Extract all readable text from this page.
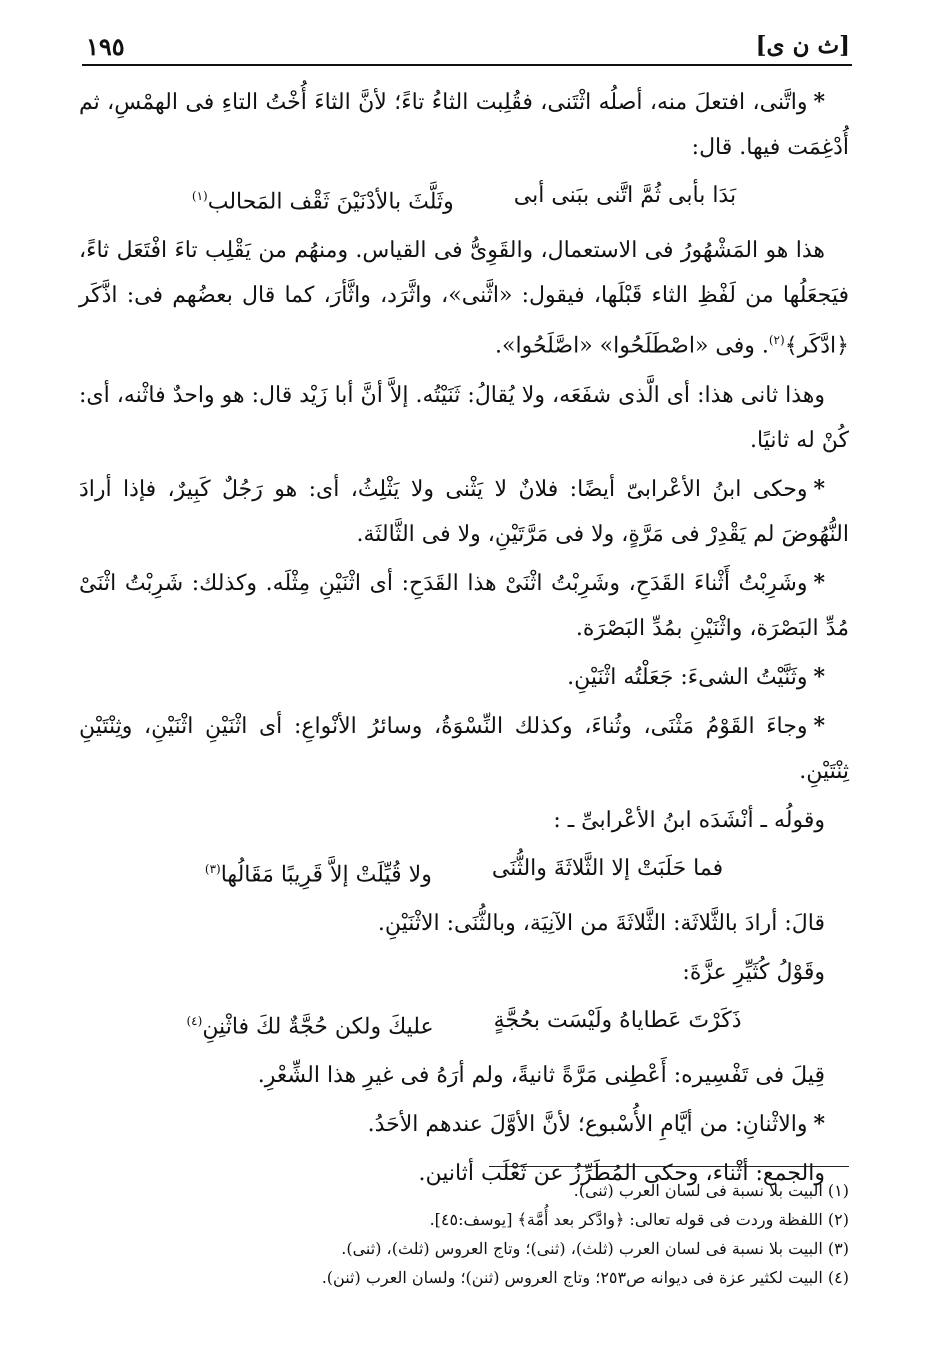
١٩٥	[ث ن ى]

*واتَّنى، افتعلَ منه، أصلُه اثْتَنى، فقُلِبت الثاءُ تاءً؛ لأنَّ الثاءَ أُخْتُ التاءِ فى الهمْسِ، ثم أُدْغِمَت فيها. قال:

بَدَا بأبى ثُمَّ اتَّنى ببَنى أبى
وثَلَّثَ بالأدْنَيْنَ ثَقْف المَحالب$^{(١)}$

هذا هو المَشْهُورُ فى الاستعمال، والقَوِىُّ فى القياس. ومنهُم من يَقْلِب تاءَ افْتَعَل ثاءً، فيَجعَلُها من لَفْظِ الثاء قَبْلَها، فيقول: «اثَّنى»، واثَّرَد، واثَّأرَ، كما قال بعضُهم فى: اذَّكَر ﴿ادَّكَر﴾$^{(٢)}$. وفى «اصْطَلَحُوا» «اصَّلَحُوا».

وهذا ثانى هذا: أى الَّذى شفَعَه، ولا يُقالُ: ثَنَيْتُه. إلاَّ أنَّ أبا زَيْد قال: هو واحدٌ فاثْنه، أى: كُنْ له ثانيًا.

*وحكى ابنُ الأعْرابىّ أيضًا: فلانٌ لا يَثْنى ولا يَثْلِثُ، أى: هو رَجُلٌ كَبِيرٌ، فإذا أرادَ النُّهُوضَ لم يَقْدِرْ فى مَرَّةٍ، ولا فى مَرَّتَيْنِ، ولا فى الثَّالثَة.

*وشَرِبْتُ أَثْناءَ القَدَحِ، وشَرِبْتُ اثْنَىْ هذا القَدَحِ: أى اثْنَيْنِ مِثْلَه. وكذلك: شَرِبْتُ اثْنَىْ مُدِّ البَصْرَة، واثْنَيْنِ بمُدِّ البَصْرَة.

*وثَنَّيْتُ الشىءَ: جَعَلْتُه اثْنَيْنِ.

*وجاءَ القَوْمُ مَثْنَى، وثُناءَ، وكذلك النِّسْوَةُ، وسائرُ الأنْواعِ: أى اثْنَيْنِ اثْنَيْنِ، وثِنْتَيْنِ ثِنْتَيْنِ.

وقولُه ـ أنْشَدَه ابنُ الأعْرابىِّ ـ :

فما حَلَبَتْ إلا الثَّلاثَةَ والثُّنَى
ولا قُيِّلَتْ إلاَّ قَرِيبًا مَقَالُها$^{(٣)}$

قالَ: أرادَ بالثَّلاثَة: الثَّلاثَةَ من الآنِيَة، وبالثُّنَى: الاثْنَيْنِ.

وقَوْلُ كُثَيِّرِ عزَّةَ:

ذَكَرْتَ عَطاياهُ ولَيْسَت بحُجَّةٍ
عليكَ ولكن حُجَّةٌ لكَ فاثْنِنِ$^{(٤)}$

قِيلَ فى تَفْسِيره: أَعْطِنى مَرَّةً ثانيةً، ولم أرَهُ فى غيرِ هذا الشِّعْرِ.

*والاثْنانِ: من أيَّامِ الأُسْبوع؛ لأنَّ الأوَّلَ عندهم الأحَدُ.

والجمع: أثْناء، وحكى المُطَرِّزُ عن ثَعْلَب أثانين.

(١) البيت بلا نسبة فى لسان العرب (ثنى).
(٢) اللفظة وردت فى قوله تعالى: ﴿وادَّكر بعد أُمَّة﴾ [يوسف:٤٥].
(٣) البيت بلا نسبة فى لسان العرب (ثلث)، (ثنى)؛ وتاج العروس (ثلث)، (ثنى).
(٤) البيت لكثير عزة فى ديوانه ص٢٥٣؛ وتاج العروس (ثنن)؛ ولسان العرب (ثنن).
